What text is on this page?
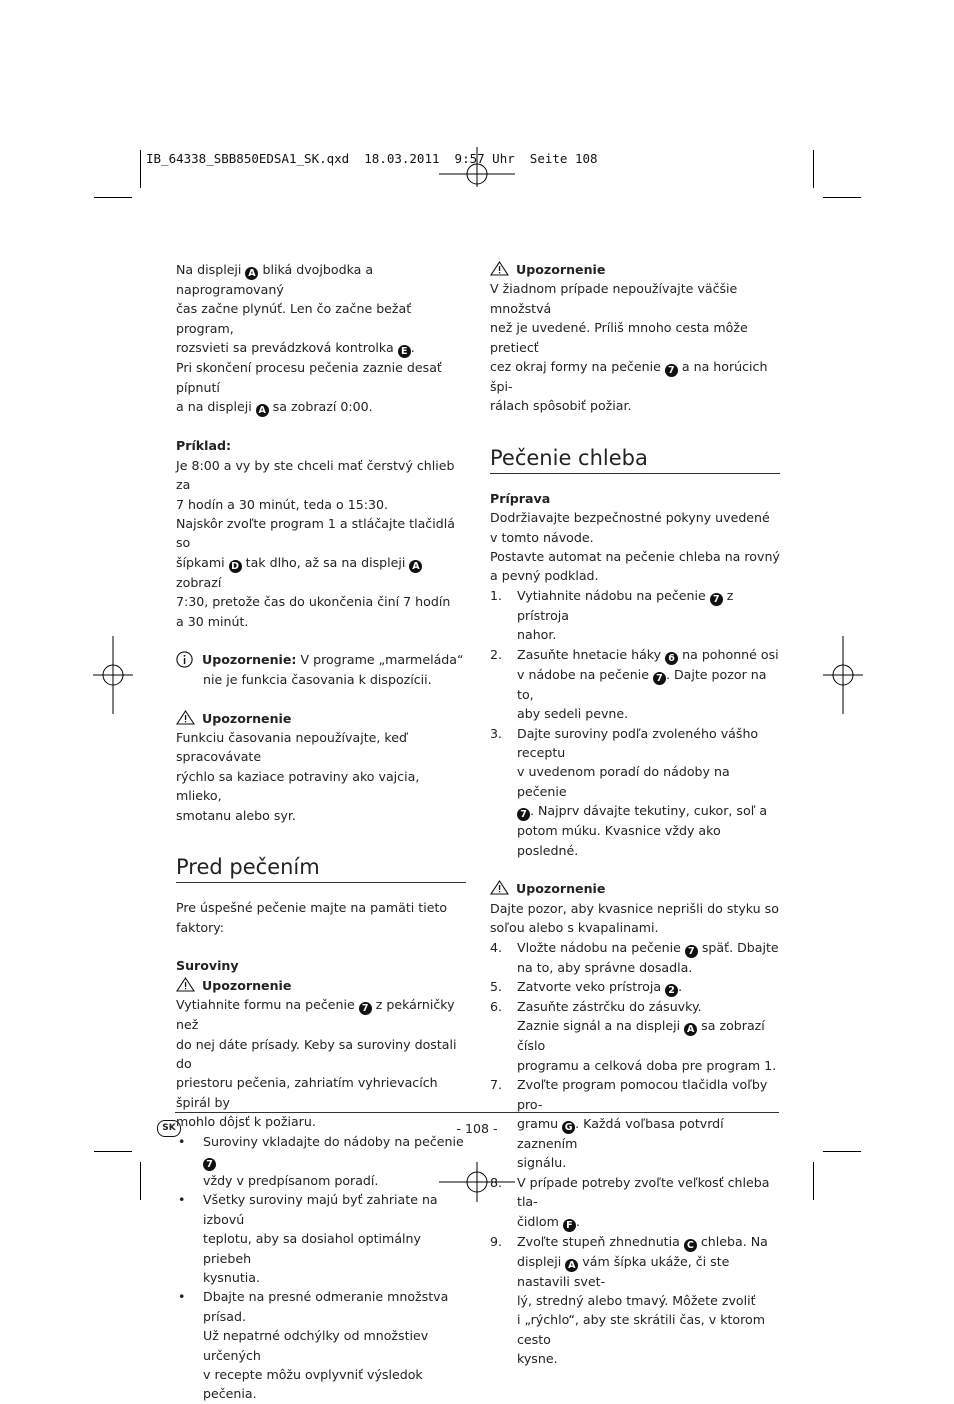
IB_64338_SBB850EDSA1_SK.qxd  18.03.2011  9:57 Uhr  Seite 108

Na displeji A bliká dvojbodka a naprogramovaný

čas začne plynúť. Len čo začne bežať program,

rozsvieti sa prevádzková kontrolka E .

Pri skončení procesu pečenia zaznie desať pípnutí

a na displeji A sa zobrazí 0:00.

Príklad:

Je 8:00 a vy by ste chceli mať čerstvý chlieb za

7 hodín a 30 minút, teda o 15:30.

Najskôr zvoľte program 1 a stláčajte tlačidlá so

šípkami D tak dlho, až sa na displeji A zobrazí

7:30, pretože čas do ukončenia činí 7 hodín

a 30 minút.

Upozornenie: V programe „marmeláda“

nie je funkcia časovania k dispozícii.

Upozornenie

Funkciu časovania nepoužívajte, keď spracovávate

rýchlo sa kaziace potraviny ako vajcia, mlieko,

smotanu alebo syr.

Pred pečením

Pre úspešné pečenie majte na pamäti tieto faktory:

Suroviny

Upozornenie

Vytiahnite formu na pečenie 7 z pekárničky než

do nej dáte prísady. Keby sa suroviny dostali do

priestoru pečenia, zahriatím vyhrievacích špirál by

mohlo dôjsť k požiaru.

•	Suroviny vkladajte do nádoby na pečenie 7
vždy v predpísanom poradí.
•	Všetky suroviny majú byť zahriate na izbovú
teplotu, aby sa dosiahol optimálny priebeh
kysnutia.
•	Dbajte na presné odmeranie množstva prísad.
Už nepatrné odchýlky od množstiev určených
v recepte môžu ovplyvniť výsledok pečenia.

Upozornenie

V žiadnom prípade nepoužívajte väčšie množstvá

než je uvedené. Príliš mnoho cesta môže pretiecť

cez okraj formy na pečenie 7 a na horúcich špi-

rálach spôsobiť požiar.

Pečenie chleba

Príprava

Dodržiavajte bezpečnostné pokyny uvedené

v tomto návode.

Postavte automat na pečenie chleba na rovný

a pevný podklad.

1.	Vytiahnite nádobu na pečenie 7 z prístroja
nahor.
2.	Zasuňte hnetacie háky 6 na pohonné osi
v nádobe na pečenie 7 . Dajte pozor na to,
aby sedeli pevne.
3.	Dajte suroviny podľa zvoleného vášho receptu
v uvedenom poradí do nádoby na pečenie
7 . Najprv dávajte tekutiny, cukor, soľ a
potom múku. Kvasnice vždy ako posledné.

Upozornenie

Dajte pozor, aby kvasnice neprišli do styku so

soľou alebo s kvapalinami.

4.	Vložte nádobu na pečenie 7 späť. Dbajte
na to, aby správne dosadla.
5.	Zatvorte veko prístroja 2 .
6.	Zasuňte zástrčku do zásuvky.
Zaznie signál a na displeji A sa zobrazí číslo
programu a celková doba pre program 1.
7.	Zvoľte program pomocou tlačidla voľby pro-
gramu G . Každá voľbasa potvrdí zaznením
signálu.
8.	V prípade potreby zvoľte veľkosť chleba tla-
čidlom F .
9.	Zvoľte stupeň zhnednutia C chleba. Na
displeji A vám šípka ukáže, či ste nastavili svet-
lý, stredný alebo tmavý. Môžete zvoliť
i „rýchlo“, aby ste skrátili čas, v ktorom cesto
kysne.
SK	- 108 -
